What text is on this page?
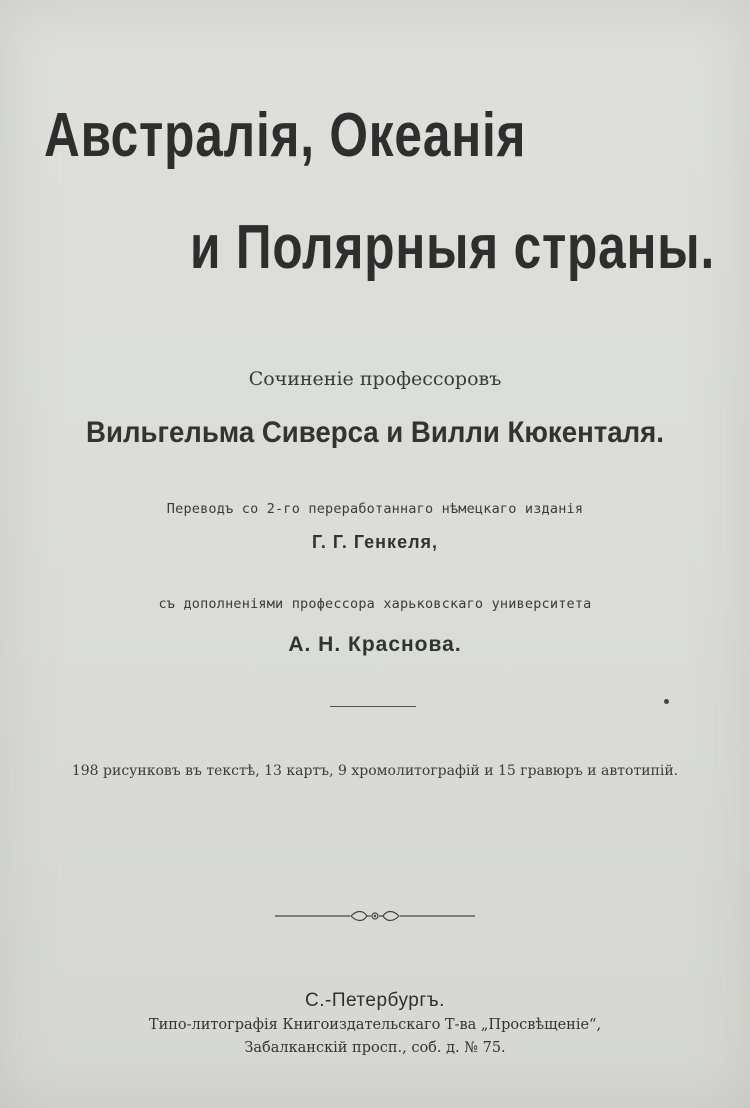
Австралія, Океанія
и Полярныя страны.
Сочиненіе профессоровъ
Вильгельма Сиверса и Вилли Кюкенталя.
Переводъ со 2-го переработаннаго нѣмецкаго изданія
Г. Г. Генкеля,
съ дополненіями профессора харьковскаго университета
А. Н. Краснова.
198 рисунковъ въ текстѣ, 13 картъ, 9 хромолитографій и 15 гравюръ и автотипій.
С.-Петербургъ.
Типо-литографія Книгоиздательскаго Т-ва „Просвѣщеніе“,
Забалканскій просп., соб. д. № 75.
